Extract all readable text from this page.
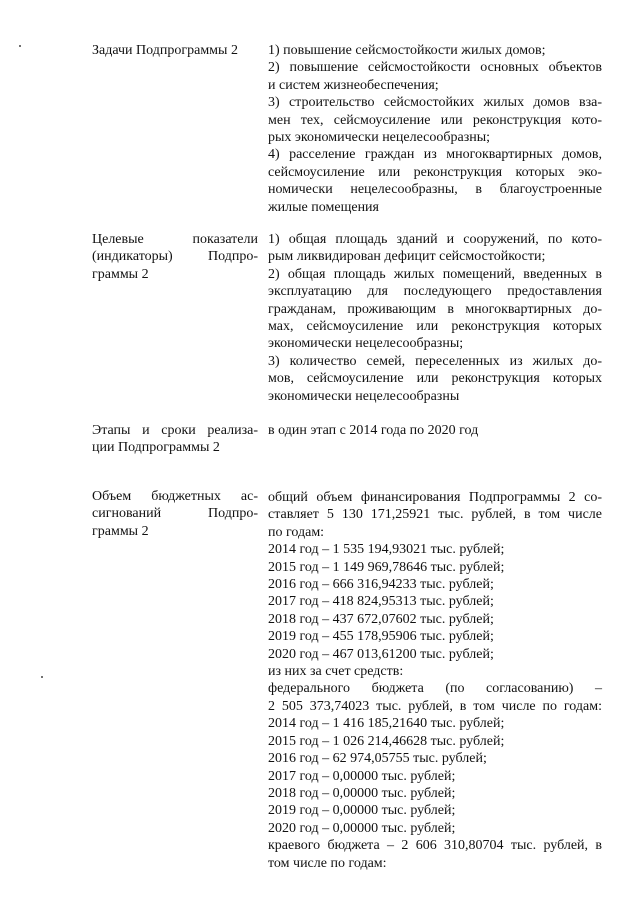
Задачи Подпрограммы 2	1) повышение сейсмостойкости жилых домов;
2) повышение сейсмостойкости основных объектов
и систем жизнеобеспечения;
3) строительство сейсмостойких жилых домов вза-
мен тех, сейсмоусиление или реконструкция кото-
рых экономически нецелесообразны;
4) расселение граждан из многоквартирных домов,
сейсмоусиление или реконструкция которых эко-
номически нецелесообразны, в благоустроенные
жилые помещения
Целевые показатели
(индикаторы) Подпро-
граммы 2
1) общая площадь зданий и сооружений, по кото-
рым ликвидирован дефицит сейсмостойкости;
2) общая площадь жилых помещений, введенных в
эксплуатацию для последующего предоставления
гражданам, проживающим в многоквартирных до-
мах, сейсмоусиление или реконструкция которых
экономически нецелесообразны;
3) количество семей, переселенных из жилых до-
мов, сейсмоусиление или реконструкция которых
экономически нецелесообразны
Этапы и сроки реализа-
ции Подпрограммы 2
в один этап с 2014 года по 2020 год
Объем бюджетных ас-
сигнований Подпро-
граммы 2
общий объем финансирования Подпрограммы 2 со-
ставляет 5 130 171,25921 тыс. рублей, в том числе
по годам:
2014 год – 1 535 194,93021 тыс. рублей;
2015 год – 1 149 969,78646 тыс. рублей;
2016 год – 666 316,94233 тыс. рублей;
2017 год – 418 824,95313 тыс. рублей;
2018 год – 437 672,07602 тыс. рублей;
2019 год – 455 178,95906 тыс. рублей;
2020 год – 467 013,61200 тыс. рублей;
из них за счет средств:
федерального бюджета (по согласованию) –
2 505 373,74023 тыс. рублей, в том числе по годам:
2014 год – 1 416 185,21640 тыс. рублей;
2015 год – 1 026 214,46628 тыс. рублей;
2016 год – 62 974,05755 тыс. рублей;
2017 год – 0,00000 тыс. рублей;
2018 год – 0,00000 тыс. рублей;
2019 год – 0,00000 тыс. рублей;
2020 год – 0,00000 тыс. рублей;
краевого бюджета – 2 606 310,80704 тыс. рублей, в
том числе по годам:
